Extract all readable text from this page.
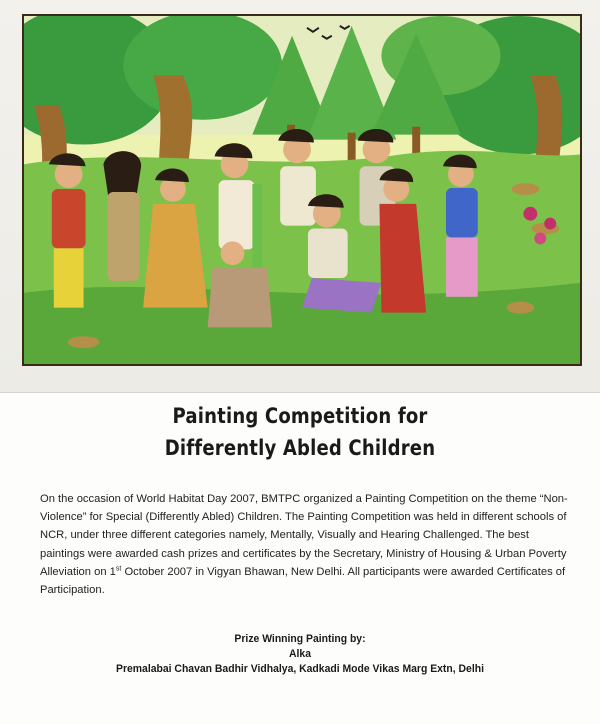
Painting Competition for
Differently Abled Children

On the occasion of World Habitat Day 2007, BMTPC organized a Painting Competition on the theme “Non-Violence” for Special (Differently Abled) Children. The Painting Competition was held in different schools of NCR, under three different categories namely, Mentally, Visually and Hearing Challenged. The best paintings were awarded cash prizes and certificates by the Secretary, Ministry of Housing & Urban Poverty Alleviation on 1st October 2007 in Vigyan Bhawan, New Delhi. All participants were awarded Certificates of Participation.

Prize Winning Painting by:
Alka
Premalabai Chavan Badhir Vidhalya, Kadkadi Mode Vikas Marg Extn, Delhi
